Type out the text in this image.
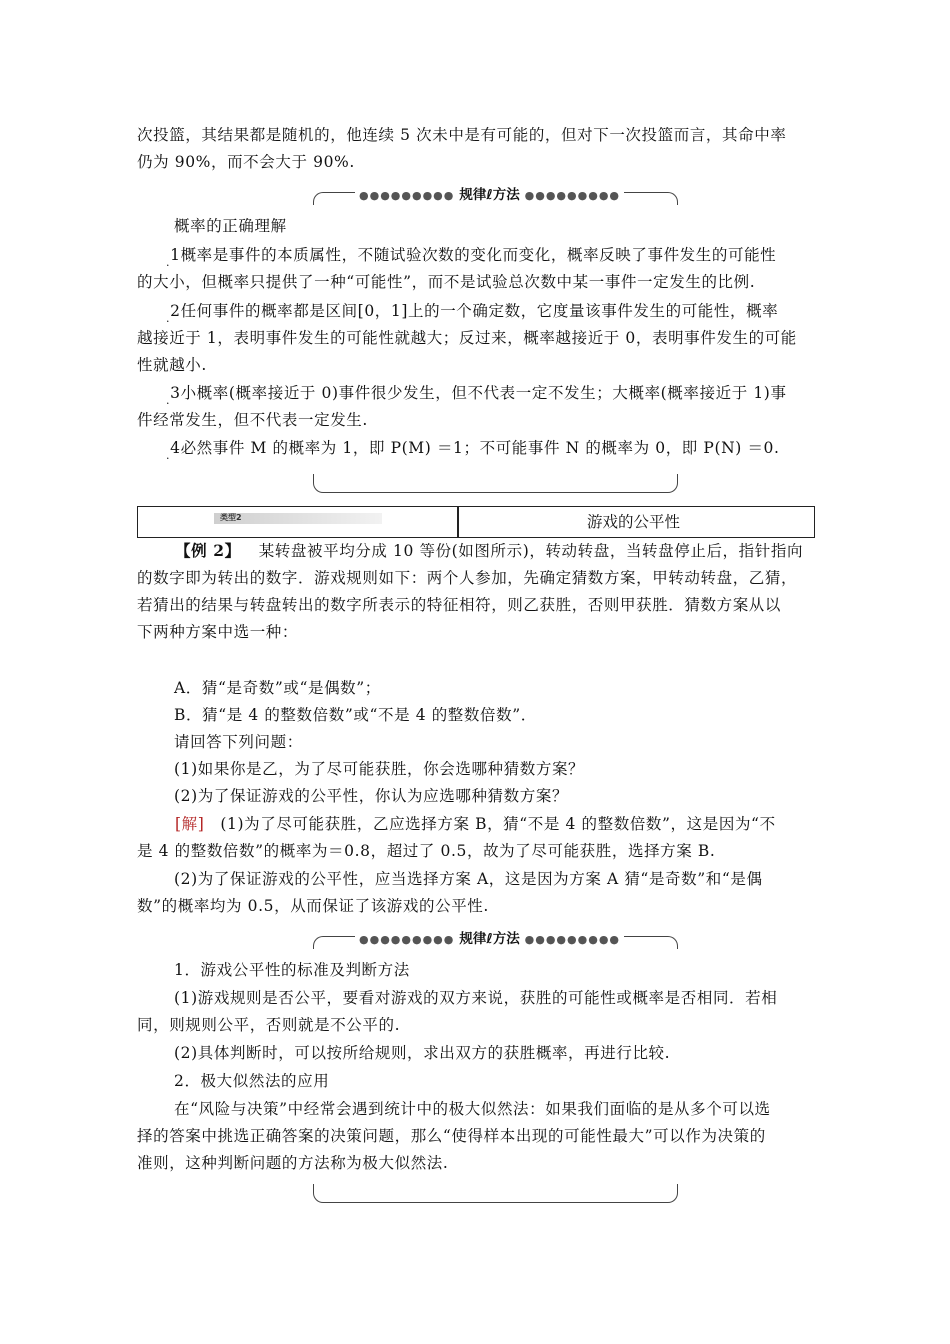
次投篮，其结果都是随机的，他连续 5 次未中是有可能的，但对下一次投篮而言，其命中率
仍为 90%，而不会大于 90%.
●●●●●●●●● 规律ℓ方法 ●●●●●●●●●
概率的正确理解
$_.$1概率是事件的本质属性，不随试验次数的变化而变化，概率反映了事件发生的可能性
的大小，但概率只提供了一种“可能性”，而不是试验总次数中某一事件一定发生的比例.
$_.$2任何事件的概率都是区间[0，1]上的一个确定数，它度量该事件发生的可能性，概率
越接近于 1，表明事件发生的可能性就越大；反过来，概率越接近于 0，表明事件发生的可能
性就越小.
$_.$3小概率(概率接近于 0)事件很少发生，但不代表一定不发生；大概率(概率接近于 1)事
件经常发生，但不代表一定发生.
$_.$4必然事件 M 的概率为 1，即 P(M) ＝1；不可能事件 N 的概率为 0，即 P(N) ＝0.
类型2	游戏的公平性
【例 2】 某转盘被平均分成 10 等份(如图所示)，转动转盘，当转盘停止后，指针指向
的数字即为转出的数字．游戏规则如下：两个人参加，先确定猜数方案，甲转动转盘，乙猜，
若猜出的结果与转盘转出的数字所表示的特征相符，则乙获胜，否则甲获胜．猜数方案从以
下两种方案中选一种：
A．猜“是奇数”或“是偶数”；
B．猜“是 4 的整数倍数”或“不是 4 的整数倍数”．
请回答下列问题：
(1)如果你是乙，为了尽可能获胜，你会选哪种猜数方案？
(2)为了保证游戏的公平性，你认为应选哪种猜数方案？
[解] (1)为了尽可能获胜，乙应选择方案 B，猜“不是 4 的整数倍数”，这是因为“不
是 4 的整数倍数”的概率为＝0.8，超过了 0.5，故为了尽可能获胜，选择方案 B.
(2)为了保证游戏的公平性，应当选择方案 A，这是因为方案 A 猜“是奇数”和“是偶
数”的概率均为 0.5，从而保证了该游戏的公平性.
●●●●●●●●● 规律ℓ方法 ●●●●●●●●●
1．游戏公平性的标准及判断方法
(1)游戏规则是否公平，要看对游戏的双方来说，获胜的可能性或概率是否相同．若相
同，则规则公平，否则就是不公平的.
(2)具体判断时，可以按所给规则，求出双方的获胜概率，再进行比较.
2．极大似然法的应用
在“风险与决策”中经常会遇到统计中的极大似然法：如果我们面临的是从多个可以选
择的答案中挑选正确答案的决策问题，那么“使得样本出现的可能性最大”可以作为决策的
准则，这种判断问题的方法称为极大似然法.
